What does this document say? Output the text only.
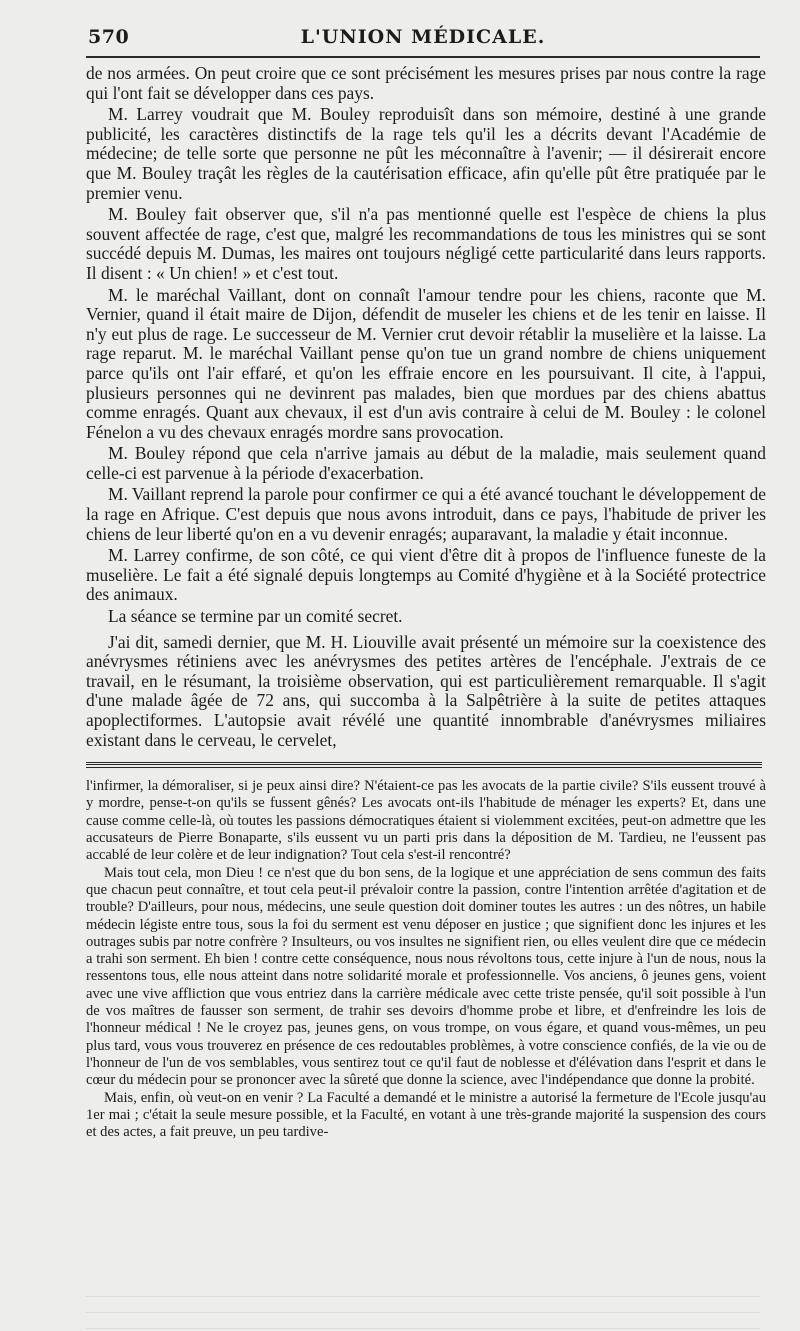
570	L'UNION MÉDICALE.

de nos armées. On peut croire que ce sont précisément les mesures prises par nous contre la rage qui l'ont fait se développer dans ces pays.

M. Larrey voudrait que M. Bouley reproduisît dans son mémoire, destiné à une grande publicité, les caractères distinctifs de la rage tels qu'il les a décrits devant l'Académie de médecine; de telle sorte que personne ne pût les méconnaître à l'avenir; — il désirerait encore que M. Bouley traçât les règles de la cautérisation efficace, afin qu'elle pût être pratiquée par le premier venu.

M. Bouley fait observer que, s'il n'a pas mentionné quelle est l'espèce de chiens la plus souvent affectée de rage, c'est que, malgré les recommandations de tous les ministres qui se sont succédé depuis M. Dumas, les maires ont toujours négligé cette particularité dans leurs rapports. Il disent : « Un chien! » et c'est tout.

M. le maréchal Vaillant, dont on connaît l'amour tendre pour les chiens, raconte que M. Vernier, quand il était maire de Dijon, défendit de museler les chiens et de les tenir en laisse. Il n'y eut plus de rage. Le successeur de M. Vernier crut devoir rétablir la muselière et la laisse. La rage reparut. M. le maréchal Vaillant pense qu'on tue un grand nombre de chiens uniquement parce qu'ils ont l'air effaré, et qu'on les effraie encore en les poursuivant. Il cite, à l'appui, plusieurs personnes qui ne devinrent pas malades, bien que mordues par des chiens abattus comme enragés. Quant aux chevaux, il est d'un avis contraire à celui de M. Bouley : le colonel Fénelon a vu des chevaux enragés mordre sans provocation.

M. Bouley répond que cela n'arrive jamais au début de la maladie, mais seulement quand celle-ci est parvenue à la période d'exacerbation.

M. Vaillant reprend la parole pour confirmer ce qui a été avancé touchant le développement de la rage en Afrique. C'est depuis que nous avons introduit, dans ce pays, l'habitude de priver les chiens de leur liberté qu'on en a vu devenir enragés; auparavant, la maladie y était inconnue.

M. Larrey confirme, de son côté, ce qui vient d'être dit à propos de l'influence funeste de la muselière. Le fait a été signalé depuis longtemps au Comité d'hygiène et à la Société protectrice des animaux.

La séance se termine par un comité secret.

J'ai dit, samedi dernier, que M. H. Liouville avait présenté un mémoire sur la coexistence des anévrysmes rétiniens avec les anévrysmes des petites artères de l'encéphale. J'extrais de ce travail, en le résumant, la troisième observation, qui est particulièrement remarquable. Il s'agit d'une malade âgée de 72 ans, qui succomba à la Salpêtrière à la suite de petites attaques apoplectiformes. L'autopsie avait révélé une quantité innombrable d'anévrysmes miliaires existant dans le cerveau, le cervelet,

l'infirmer, la démoraliser, si je peux ainsi dire? N'étaient-ce pas les avocats de la partie civile? S'ils eussent trouvé à y mordre, pense-t-on qu'ils se fussent gênés? Les avocats ont-ils l'habitude de ménager les experts? Et, dans une cause comme celle-là, où toutes les passions démocratiques étaient si violemment excitées, peut-on admettre que les accusateurs de Pierre Bonaparte, s'ils eussent vu un parti pris dans la déposition de M. Tardieu, ne l'eussent pas accablé de leur colère et de leur indignation? Tout cela s'est-il rencontré?

Mais tout cela, mon Dieu ! ce n'est que du bon sens, de la logique et une appréciation de sens commun des faits que chacun peut connaître, et tout cela peut-il prévaloir contre la passion, contre l'intention arrêtée d'agitation et de trouble? D'ailleurs, pour nous, médecins, une seule question doit dominer toutes les autres : un des nôtres, un habile médecin légiste entre tous, sous la foi du serment est venu déposer en justice ; que signifient donc les injures et les outrages subis par notre confrère ? Insulteurs, ou vos insultes ne signifient rien, ou elles veulent dire que ce médecin a trahi son serment. Eh bien ! contre cette conséquence, nous nous révoltons tous, cette injure à l'un de nous, nous la ressentons tous, elle nous atteint dans notre solidarité morale et professionnelle. Vos anciens, ô jeunes gens, voient avec une vive affliction que vous entriez dans la carrière médicale avec cette triste pensée, qu'il soit possible à l'un de vos maîtres de fausser son serment, de trahir ses devoirs d'homme probe et libre, et d'enfreindre les lois de l'honneur médical ! Ne le croyez pas, jeunes gens, on vous trompe, on vous égare, et quand vous-mêmes, un peu plus tard, vous vous trouverez en présence de ces redoutables problèmes, à votre conscience confiés, de la vie ou de l'honneur de l'un de vos semblables, vous sentirez tout ce qu'il faut de noblesse et d'élévation dans l'esprit et dans le cœur du médecin pour se prononcer avec la sûreté que donne la science, avec l'indépendance que donne la probité.

Mais, enfin, où veut-on en venir ? La Faculté a demandé et le ministre a autorisé la fermeture de l'Ecole jusqu'au 1er mai ; c'était la seule mesure possible, et la Faculté, en votant à une très-grande majorité la suspension des cours et des actes, a fait preuve, un peu tardive-
